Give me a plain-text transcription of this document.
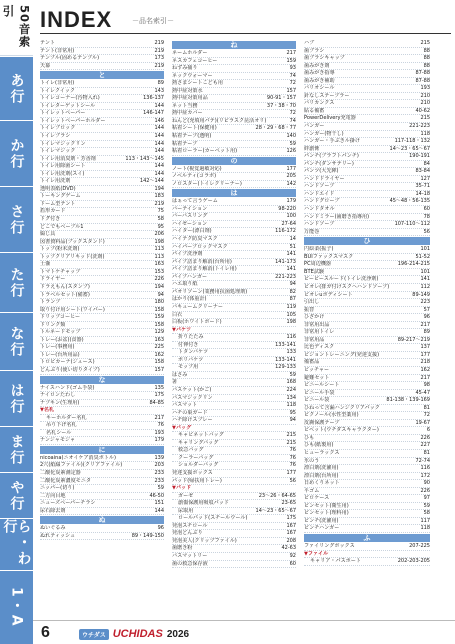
50音索引
あ行
か行
さ行
た行
な行
は行
ま行
や行
ら・わ行
1・A
INDEX	－品名索引－
テント	219
テント(非常用)	219
テンプル(固めるテンプル)	173
天幕	219
と
トイレ(非常用)	89
トイレクイック	143
トイレコーナー(汚物入れ)	136-137
トイレターゲットシール	144
トイレットペーパー	146-147
トイレットペーパーホルダー	146
トイレブロック	144
トイレブラシ	144
トイレマジックリン	144
トイレマジック	144
トイレ用消臭剤・芳香剤	113・143〜145
トイレ用除菌シート	144
トイレ用洗剤(スイ)	144
トイレ用洗剤	142〜144
透明表紙(DVD)	194
トーキングゲーム	183
ドーム型テント	219
盾形カード	75
ドグ付き	58
どこでもベーブル1	95
綴じ具	206
図書資料品(ブックスタンド)	198
トップ(粉末洗剤)	113
トップクリアリキッド(洗剤)	113
土嚢	163
トマトケチャップ	153
ドライヤー	226
ドラえもん(スタンプ)	194
トラベルセット(備蓄)	94
トランプ	180
取り付け用シート(ワイパー)	158
ドリップコーヒー	159
ドリンク類	158
トルネードモップ	129
トレー(お盆)(食器)	163
トレー(事務用)	225
トレー(台所用品)	162
トロピカーナ(ジュース)	158
どんぶり(使い切りタイプ)	157
な
ナイスハンド(ゴム手袋)	135
ナイロンたわし	175
ナプキン(生理用)	84-85
▼名札
キーホルダー名札	217
吊り下げ名札	76
名札シール	193
ナンジャモジャ	179
に
nicoaina(ニオイケア消臭ボトル)	139
2穴(紙綴ファイル)(クリアファイル)	203
二酸化炭素測定器	233
二酸化炭素濃度モニタ	233
ニッパー(切り)	59
二方向目地	46-50
ニューズペーパーチラシ	151
尿石除去剤	144
ぬ
ぬいぐるみ	96
ぬれティッシュ	89・149-150
ね
ネームホルダー	217
ネスカフェコーヒー	159
ねずみ捕り	93
ネックウォーマー	74
熱さまシートこども用	72
熱中症対策水	157
熱中症対策用品	90-91・157
ネット当務	37・38・70
熱中症カバー	72
ねんど(充填用パテ)(リピラスク昆活オリ)	74
粘着シート(保健用)	28・29・68・77
粘着テープ(透明)	140
粘着テープ	59
粘着ローラー(カーペット用)	126
の
ノート(視覚過敏対応)	177
ノベルティ(コラボ)	205
ノロスター(トイレクリーナー)	142
は
はぁって言うゲーム	179
バーテイション	98-220
バーバスリング	100
ハイゼーション	27-64
ハイター(漂白剤)	116-172
ハイテク防臭マスク	14
ハイパープロックマスク	51
パイプ洗浄剤	141
パイプ詰まり解消(台所用)	141-173
パイプ詰まり解消(トイレ用)	141
パイプハンガー	221-223
ハエ取り紙	94
パオリソーン(業務用抗菌処理剤)	82
はかり(体重計)	87
バキュームクリーナー	119
白衣	105
白板(ホワイトボード)	198
▼バケツ
折りたたみ	116
付伸付き	133-141
トタンバケツ	133
ポリバケツ	133-141
モップ用	129-133
はさみ	59
箸	168
バスケット(かご)	224
バスマジックリン	134
バスマット	118
ハチの巣ガード	95
ハチ除けスプレー	94
▼バッグ
キャビネットバッグ	215
キャリングバッグ	215
救急バッグ	76
クーラーバッグ	76
ショルダーバッグ	76
発達支援ボックス	177
パッド(帰扶用トレー)	56
▼パッド
ガーゼ	23〜26・64-65
創傷保護用吸収パッド	23-65
尿取用	14〜23・65〜67
ロールパッド(スチールウール)	175
発泡スチロール	167
発泡どんぶり	167
発泡美人(クリップファイル)	208
歯磨き粉	42-63
バスマットリー	92
歯の救急保存液	60
ハブ	215
歯ブラシ	88
歯ブラシキャップ	88
歯みがき剤	88
歯みがき指導	87-88
歯みがき補助	87-88
バリオシール	193
針なしステープラー	210
バリカンクス	210
貼る備蓄	40-62
PowerDelivery充電器	215
バンガー	221-223
ハンガー(物干し)	118
ハンガー・手ぶきル掛け	117-118・132
絆創膏	14〜23・65〜67
パンチ(ブラフトパンチ)	190-191
パンチ(ダンサテリー)	84
パンツ(大先陣)	83-84
ハンドドライヤー	127
ハンドソープ	35-71
ハンドエイド	14-18
ハンドグローブ	45〜48・56-135
ハンドタオル	60
ハンドミラー(歯磨き指導用)	78
ハンドソープ	107-110〜112
万能巻	56
ひ
円絵柔(振子)	101
BUIファックスマスク	51-52
PC周辺機器	196-214-215
BTE試験	101
ピーピースルード(トイレ洗浄剤)	141
ピオレ(排ガ付けスクヘハンドソープ)	112
ビオレuボディシート	89-149
引出し	223
振替	57
ひざかけ	96
非常用出品	217
非常用トイレ	89
非常用品	89-217〜219
比色ディスク	137
ビジョントレーニング(発達支援)	177
備蓄品	218
ビッチャー	162
避難セット	217
ビニールシート	98
ビニール手袋	45-47
ビニール袋	81-138・139-169
ひねって含漏ハンジクリアパック	81
ピクノール(水性型薬用)	72
皮膚保護テープ	19-67
ビベット(ウチダスキャラクター)	6
ひも	226
ひも(紙製用)	227
ヒューラックス	81
氷のう	72-74
漂白剤(洗濯用)	116
漂白剤(台所用)	172
日めくりネット	90
平ゴム	226
ピロケース	97
ピンセット(衛生用)	59
ピンセット(理科用)	58
ピンチ(洗濯用)	117
ピンチハンガー	118
ふ
ファイリングボックス	207-225
▼ファイル
キャリア・パスポート	202-203-205
6	ウチダス UCHIDAS 2026
